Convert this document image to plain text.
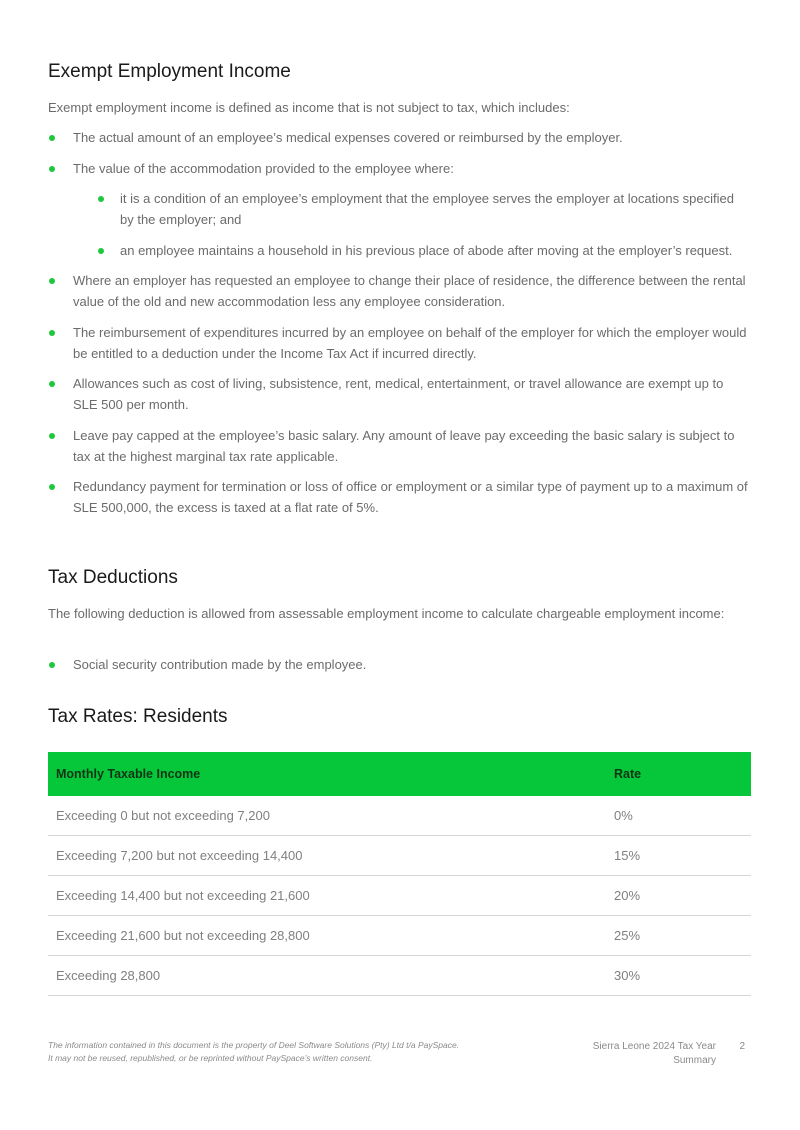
Exempt Employment Income

Exempt employment income is defined as income that is not subject to tax, which includes:

The actual amount of an employee’s medical expenses covered or reimbursed by the employer.
The value of the accommodation provided to the employee where:
it is a condition of an employee’s employment that the employee serves the employer at locations specified by the employer; and
an employee maintains a household in his previous place of abode after moving at the employer’s request.
Where an employer has requested an employee to change their place of residence, the difference between the rental value of the old and new accommodation less any employee consideration.
The reimbursement of expenditures incurred by an employee on behalf of the employer for which the employer would be entitled to a deduction under the Income Tax Act if incurred directly.
Allowances such as cost of living, subsistence, rent, medical, entertainment, or travel allowance are exempt up to SLE 500 per month.
Leave pay capped at the employee’s basic salary. Any amount of leave pay exceeding the basic salary is subject to tax at the highest marginal tax rate applicable.
Redundancy payment for termination or loss of office or employment or a similar type of payment up to a maximum of SLE 500,000, the excess is taxed at a flat rate of 5%.
Tax Deductions

The following deduction is allowed from assessable employment income to calculate chargeable employment income:

Social security contribution made by the employee.
Tax Rates: Residents
Monthly Taxable Income	Rate
Exceeding 0 but not exceeding 7,200	0%
Exceeding 7,200 but not exceeding 14,400	15%
Exceeding 14,400 but not exceeding 21,600	20%
Exceeding 21,600 but not exceeding 28,800	25%
Exceeding 28,800	30%
The information contained in this document is the property of Deel Software Solutions (Pty) Ltd t/a PaySpace.
It may not be reused, republished, or be reprinted without PaySpace’s written consent.
Sierra Leone 2024 Tax Year
Summary
2
